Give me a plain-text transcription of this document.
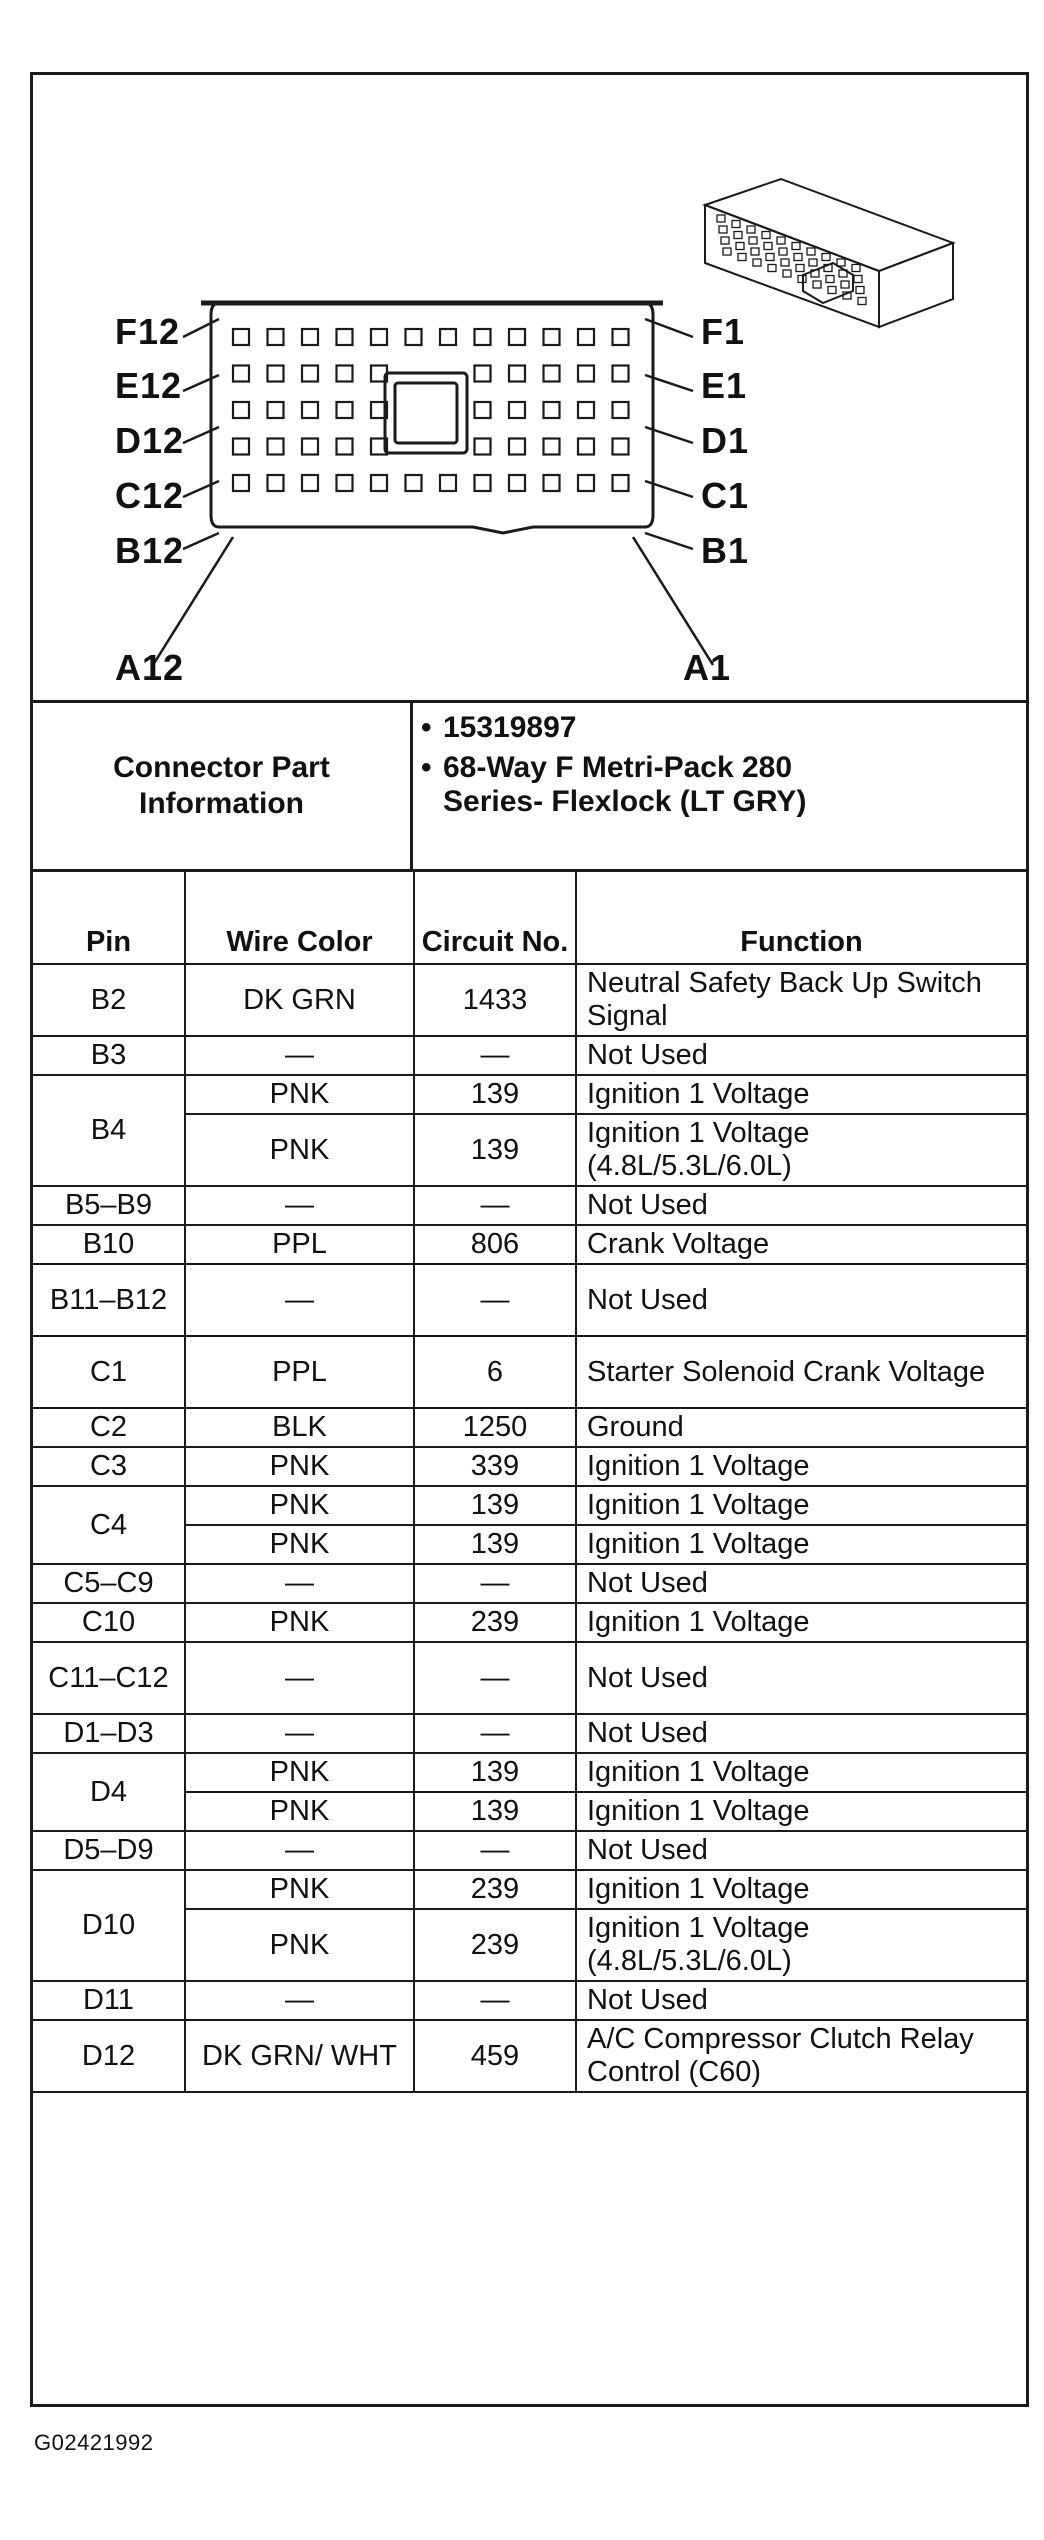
F12
E12
D12
C12
B12
A12
F1
E1
D1
C1
B1
A1
Connector Part Information
• 15319897
• 68-Way F Metri-Pack 280 Series- Flexlock (LT GRY)
Pin	Wire Color	Circuit No.	Function
B2	DK GRN	1433	Neutral Safety Back Up Switch Signal
B3	—	—	Not Used
B4	PNK	139	Ignition 1 Voltage
	PNK	139	Ignition 1 Voltage (4.8L/5.3L/6.0L)
B5–B9	—	—	Not Used
B10	PPL	806	Crank Voltage
B11–B12	—	—	Not Used
C1	PPL	6	Starter Solenoid Crank Voltage
C2	BLK	1250	Ground
C3	PNK	339	Ignition 1 Voltage
C4	PNK	139	Ignition 1 Voltage
	PNK	139	Ignition 1 Voltage
C5–C9	—	—	Not Used
C10	PNK	239	Ignition 1 Voltage
C11–C12	—	—	Not Used
D1–D3	—	—	Not Used
D4	PNK	139	Ignition 1 Voltage
	PNK	139	Ignition 1 Voltage
D5–D9	—	—	Not Used
D10	PNK	239	Ignition 1 Voltage
	PNK	239	Ignition 1 Voltage (4.8L/5.3L/6.0L)
D11	—	—	Not Used
D12	DK GRN/ WHT	459	A/C Compressor Clutch Relay Control (C60)
G02421992
